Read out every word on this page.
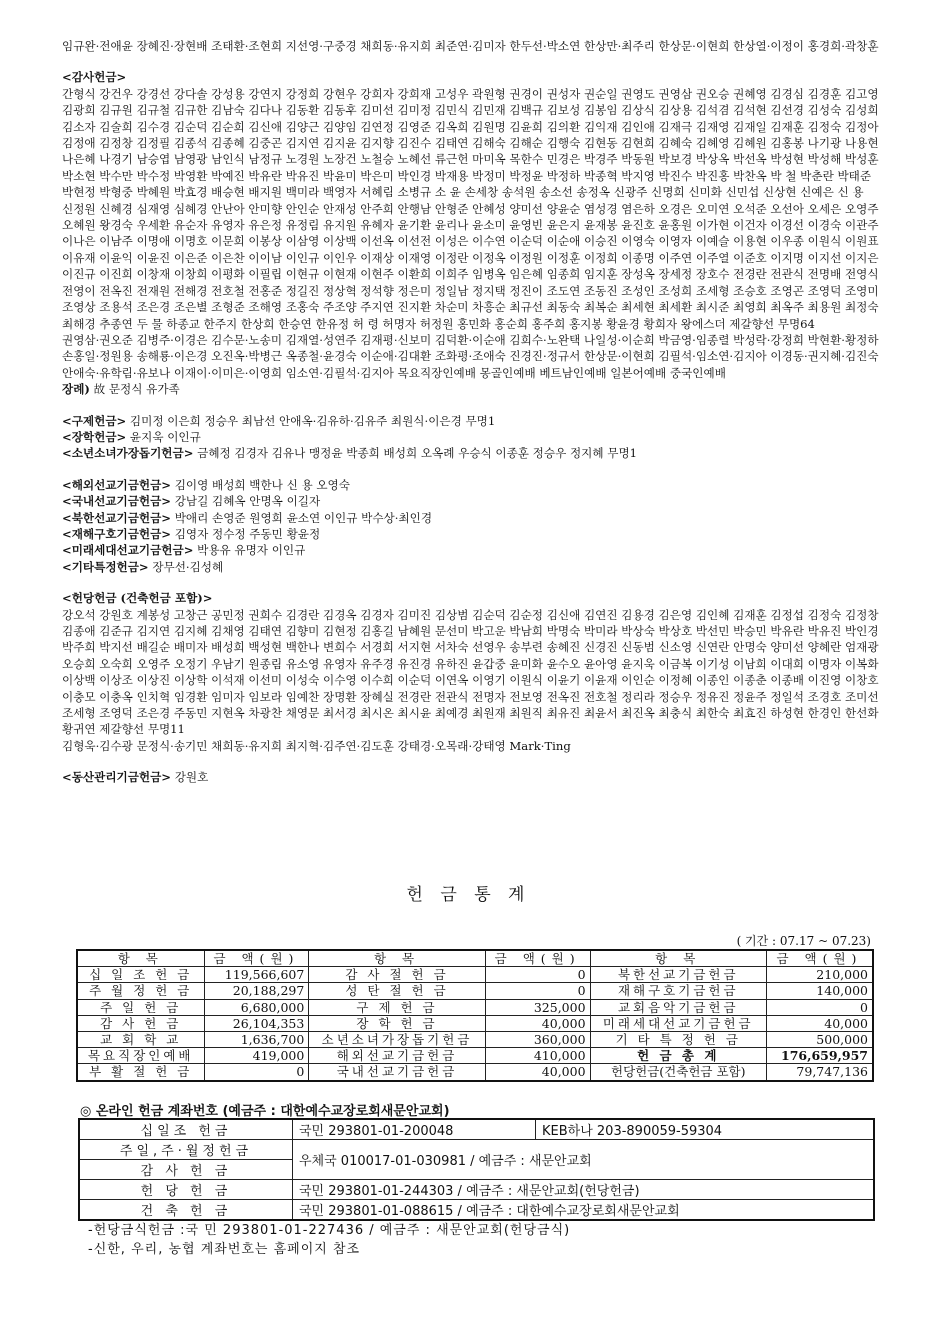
임규완·전애윤 장혜진·장현배 조태환·조현희 지선영·구중경 채희동·유지희 최준연·김미자 한두선·박소연 한상만·최주리 한상문·이현희 한상열·이정이 홍경희·곽창훈

<감사헌금>

간형식 강건우 강경선 강다솔 강성용 강연지 강정희 강현우 강희자 강희재 고성우 곽원형 권경이 권성자 권순일 권영도 권영삼 권오승 권혜영 김경심 김경훈 김고영 김광희 김규원 김규철 김규한 김남숙 김다나 김동환 김동후 김미선 김미정 김민식 김민재 김백규 김보성 김봉임 김상식 김상용 김석겸 김석현 김선경 김성숙 김성희 김소자 김술희 김수경 김순덕 김순희 김신애 김양근 김양임 김연정 김영준 김옥희 김원명 김윤희 김의환 김익재 김인애 김재극 김재영 김재일 김재훈 김정숙 김정아 김정애 김정창 김정필 김종석 김종혜 김중곤 김지연 김지윤 김지향 김진수 김태연 김해숙 김해순 김행숙 김현동 김현희 김혜숙 김혜영 김혜원 김홍봉 나기광 나용현 나은혜 나경기 남승엽 남영광 남인식 남정규 노경원 노장건 노철승 노혜선 류근헌 마미옥 목한수 민경은 박경주 박동원 박보경 박상옥 박선옥 박성현 박성해 박성훈 박소현 박수만 박수정 박영환 박예진 박유란 박유진 박윤미 박은미 박인경 박재용 박정미 박정윤 박정하 박종혁 박지영 박진수 박진홍 박찬옥 박 철 박춘란 박태준 박현정 박형중 박혜원 박효경 배승현 배지원 백미라 백영자 서혜림 소병규 소 윤 손세창 송석원 송소선 송정옥 신광주 신명희 신미화 신민섭 신상현 신예은 신 용 신정원 신혜경 심재영 심혜경 안난아 안미향 안인순 안재성 안주희 안행남 안형준 안혜성 양미선 양윤순 염성경 염은하 오경은 오미연 오석준 오선아 오세은 오영주 오혜원 왕경숙 우세환 유순자 유영자 유은정 유정림 유지원 유혜자 윤기환 윤리나 윤소미 윤영빈 윤은지 윤재봉 윤진호 윤홍원 이가현 이건자 이경선 이경숙 이관주 이나은 이남주 이명애 이명호 이문희 이봉상 이삼영 이상백 이선옥 이선전 이성은 이수연 이순덕 이순애 이승진 이영숙 이영자 이예슬 이용현 이우종 이원식 이원표 이유재 이윤익 이윤진 이은준 이은찬 이이남 이인규 이인우 이재상 이재영 이정란 이정옥 이정원 이정훈 이정희 이종명 이주연 이주열 이준호 이지명 이지선 이지은 이진규 이진희 이창재 이창희 이평화 이필립 이현규 이현재 이현주 이환희 이희주 임병옥 임은혜 임종희 임지훈 장성옥 장세정 장호수 전경란 전관식 전명배 전영식 전영이 전옥진 전재원 전해경 전호철 전홍준 정길진 정상혁 정석향 정은미 정일남 정지택 정진이 조도연 조동진 조성인 조성희 조세형 조승호 조영곤 조영덕 조영미 조영상 조용석 조은경 조은별 조형준 조해영 조홍숙 주조양 주지연 진지환 차순미 차흥순 최규선 최동숙 최복순 최세현 최세환 최시준 최영희 최옥주 최용원 최정숙 최해경 추종연 두 물 하종교 한주지 한상희 한승연 한유정 허 령 허명자 허정원 홍민화 홍순희 홍주희 홍지봉 황윤경 황희자 왕에스더 제갈향선 무명64

권영삼·권오준 김병주·이경은 김수문·노송미 김재열·성연주 김재평·신보미 김덕환·이순애 김희수·노완택 나일성·이순희 박금영·임종렬 박성락·강정희 박현환·황정하 손홍일·정원용 송해룡·이은경 오진옥·박병근 옥종철·윤경숙 이순애·김대환 조화평·조애숙 진경진·정규서 한상문·이현희 김필석·임소연·김지아 이경동·권지혜·김진숙 안애숙·유학림·유보나 이재이·이미은·이영희 임소연·김필석·김지아 목요직장인예배 몽골인예배 베트남인예배 일본어예배 중국인예배

장례) 故 문정식 유가족
<구제헌금> 김미정 이은희 정승우 최남선 안애옥·김유하·김유주 최원식·이은경 무명1
<장학헌금> 윤지욱 이인규
<소년소녀가장돕기헌금> 금혜정 김경자 김유나 맹정윤 박종희 배성희 오옥례 우승식 이종훈 정승우 정지혜 무명1
<해외선교기금헌금> 김이영 배성희 백한나 신 용 오영숙
<국내선교기금헌금> 강남길 김혜옥 안명옥 이길자
<북한선교기금헌금> 박애리 손영준 원영희 윤소연 이인규 박수상·최인경
<재해구호기금헌금> 김영자 정수정 주동민 황윤정
<미래세대선교기금헌금> 박용유 유명자 이인규
<기타특정헌금> 장무선·김성혜
<헌당헌금 (건축헌금 포함)>

강오석 강원호 계봉성 고창근 공민정 권희수 김경란 김경옥 김경자 김미진 김상범 김순덕 김순정 김신애 김연진 김용경 김은영 김인혜 김재훈 김정섭 김정숙 김정창 김종애 김준규 김지연 김지혜 김채영 김태연 김향미 김현정 김홍길 남혜원 문선미 박고운 박남희 박명숙 박미라 박상숙 박상호 박선민 박승민 박유란 박유진 박인경 박주희 박지선 배길순 배미자 배성희 백성현 백한나 변희수 서경희 서지현 서차숙 선영우 송부련 송혜진 신경진 신동범 신소영 신연란 안명숙 양미선 양혜란 엄재광 오승희 오숙희 오영주 오정기 우남기 원종림 유소영 유영자 유주경 유진경 유하진 윤갑중 윤미화 윤수오 윤아영 윤지욱 이금복 이기성 이남희 이대희 이명자 이복화 이상백 이상조 이상진 이상학 이석재 이선미 이성숙 이수영 이수희 이순덕 이연옥 이영기 이원식 이윤기 이윤재 이인순 이정혜 이종인 이종춘 이종배 이진영 이창호 이충모 이충옥 인치혁 임경환 임미자 임보라 임예찬 장명환 장혜실 전경란 전관식 전명자 전보영 전옥진 전호철 정리라 정승우 정유진 정윤주 정일석 조경호 조미선 조세형 조영덕 조은경 주동민 지현옥 차광찬 채영문 최서경 최시온 최시윤 최예경 최원재 최원직 최유진 최윤서 최진옥 최충식 최한숙 최효진 하성현 한경인 한선화 황귀연 제갈향선 무명11

김형욱·김수광 문정식·송기민 채희동·유지희 최지혁·김주연·김도훈 강태경·오목래·강태영 Mark·Ting

<동산관리기금헌금> 강원호
헌 금 통 계
( 기간 : 07.17 ~ 07.23)
항 목	금 액(원)	항 목	금 액(원)	항 목	금 액(원)
십 일 조 헌 금	119,566,607	감 사 절 헌 금	0	북한선교기금헌금	210,000
주 월 정 헌 금	20,188,297	성 탄 절 헌 금	0	재해구호기금헌금	140,000
주 일 헌 금	6,680,000	구 제 헌 금	325,000	교회음악기금헌금	0
감 사 헌 금	26,104,353	장 학 헌 금	40,000	미래세대선교기금헌금	40,000
교 회 학 교	1,636,700	소년소녀가장돕기헌금	360,000	기 타 특 정 헌 금	500,000
목요직장인예배	419,000	해외선교기금헌금	410,000	헌 금 총 계	176,659,957
부 활 절 헌 금	0	국내선교기금헌금	40,000	헌당헌금(건축헌금 포함)	79,747,136
◎ 온라인 헌금 계좌번호 (예금주 : 대한예수교장로회새문안교회)
십일조 헌금	국민 293801-01-200048	KEB하나 203-890059-59304
주일,주·월정헌금	우체국 010017-01-030981 / 예금주 : 새문안교회	
감 사 헌 금		
헌 당 헌 금	국민 293801-01-244303 / 예금주 : 새문안교회(헌당헌금)	
건 축 헌 금	국민 293801-01-088615 / 예금주 : 대한예수교장로회새문안교회	
-헌당금식헌금 :국 민 293801-01-227436 / 예금주 : 새문안교회(헌당금식)
-신한, 우리, 농협 계좌번호는 홈페이지 참조
